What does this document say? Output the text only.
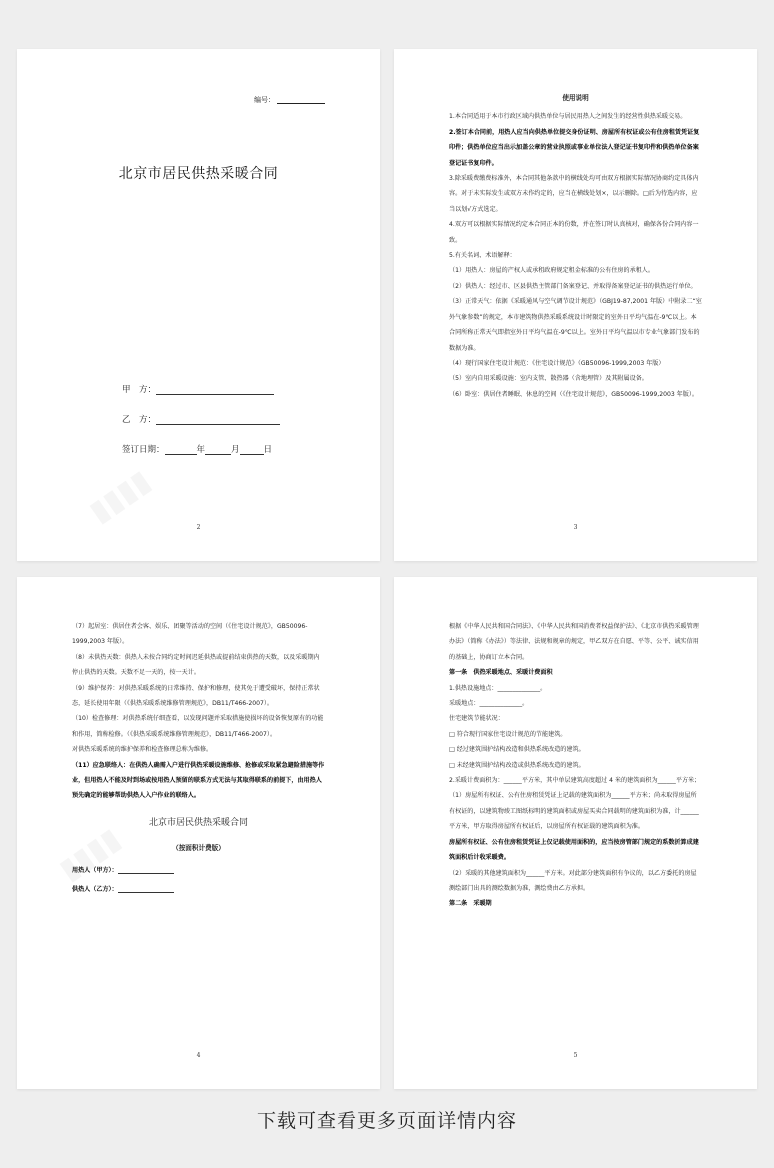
编号：
北京市居民供热采暖合同
甲　方：
乙　方：
签订日期：	年	月	日
2

使用说明

1.本合同适用于本市行政区域内供热单位与居民用热人之间发生的经营性供热采暖交易。

2.签订本合同前，用热人应当向供热单位提交身份证明、房屋所有权证或公有住房租赁凭证复印件；供热单位应当出示加盖公章的营业执照或事业单位法人登记证书复印件和供热单位备案登记证书复印件。

3.除采暖费缴费标准外，本合同其他条款中的横线处均可由双方根据实际情况协商约定具体内容。对于未实际发生或双方未作约定的，应当在横线处划×，以示删除。□后为待选内容，应当以划√方式选定。

4.双方可以根据实际情况约定本合同正本的份数，并在签订时认真核对，确保各份合同内容一致。

5.有关名词、术语解释：

（1）用热人：房屋的产权人或承租政府规定租金标准的公有住房的承租人。

（2）供热人：经过市、区县供热主管部门备案登记、并取得备案登记证书的供热运行单位。

（3）正常天气：依据《采暖通风与空气调节设计规范》（GBJ19-87,2001 年版）中附录二“室外气象参数”的规定，本市建筑物供热采暖系统设计时限定的室外日平均气温在-9℃以上。本合同所称正常天气即指室外日平均气温在-9℃以上。室外日平均气温以市专业气象部门发布的数据为准。

（4）现行国家住宅设计规范：《住宅设计规范》（GB50096-1999,2003 年版）

（5）室内自用采暖设施：室内支管、散热器（含地埋管）及其附属设备。

（6）卧室：供居住者睡眠、休息的空间（《住宅设计规范》，GB50096-1999,2003 年版）。

3

（7）起居室：供居住者会客、娱乐、团聚等活动的空间（《住宅设计规范》，GB50096-1999,2003 年版）。

（8）未供热天数：供热人未按合同约定时间迟延供热或提前结束供热的天数，以及采暖期内停止供热的天数。天数不足一天的，按一天计。

（9）维护保养：对供热采暖系统的日常维持、保护和修理，使其免于遭受破坏，保持正常状态，延长使用年限（《供热采暖系统维修管理规范》，DB11/T466-2007）。

（10）检查修理：对供热系统仔细查看，以发现问题并采取措施使损坏的设备恢复原有的功能和作用，简称检修。（《供热采暖系统维修管理规范》，DB11/T466-2007）。

对供热采暖系统的维护保养和检查修理总称为维修。

（11）应急联络人：在供热人确需入户进行供热采暖设施维修、抢修或采取紧急避险措施等作业，但用热人不能及时到场或按用热人预留的联系方式无法与其取得联系的前提下，由用热人预先确定的能够帮助供热人入户作业的联络人。

北京市居民供热采暖合同

（按面积计费版）

用热人（甲方）：

供热人（乙方）：

4

根据《中华人民共和国合同法》、《中华人民共和国消费者权益保护法》、《北京市供热采暖管理办法》（简称《办法》）等法律、法规和规章的规定，甲乙双方在自愿、平等、公平、诚实信用的基础上，协商订立本合同。

第一条　供热采暖地点、采暖计费面积

1.供热设施地点：______________。

采暖地点：______________。

住宅建筑节能状况：

□ 符合现行国家住宅设计规范的节能建筑。

□ 经过建筑围护结构改造和供热系统改造的建筑。

□ 未经建筑围护结构改造或供热系统改造的建筑。

2.采暖计费面积为：______平方米，其中单层建筑高度超过 4 米的建筑面积为______平方米；

（1）房屋所有权证、公有住房租赁凭证上记载的建筑面积为______平方米；尚未取得房屋所有权证的，以建筑物竣工图纸标明的建筑面积或房屋买卖合同载明的建筑面积为准，计______平方米，甲方取得房屋所有权证后，以房屋所有权证载的建筑面积为准。

房屋所有权证、公有住房租赁凭证上仅记载使用面积的，应当按房管部门规定的系数折算成建筑面积后计收采暖费。

（2）采暖的其他建筑面积为______平方米。对此部分建筑面积有争议的，以乙方委托的房屋测绘部门出具的测绘数据为准，测绘费由乙方承担。

第二条　采暖期

5
下载可查看更多页面详情内容
